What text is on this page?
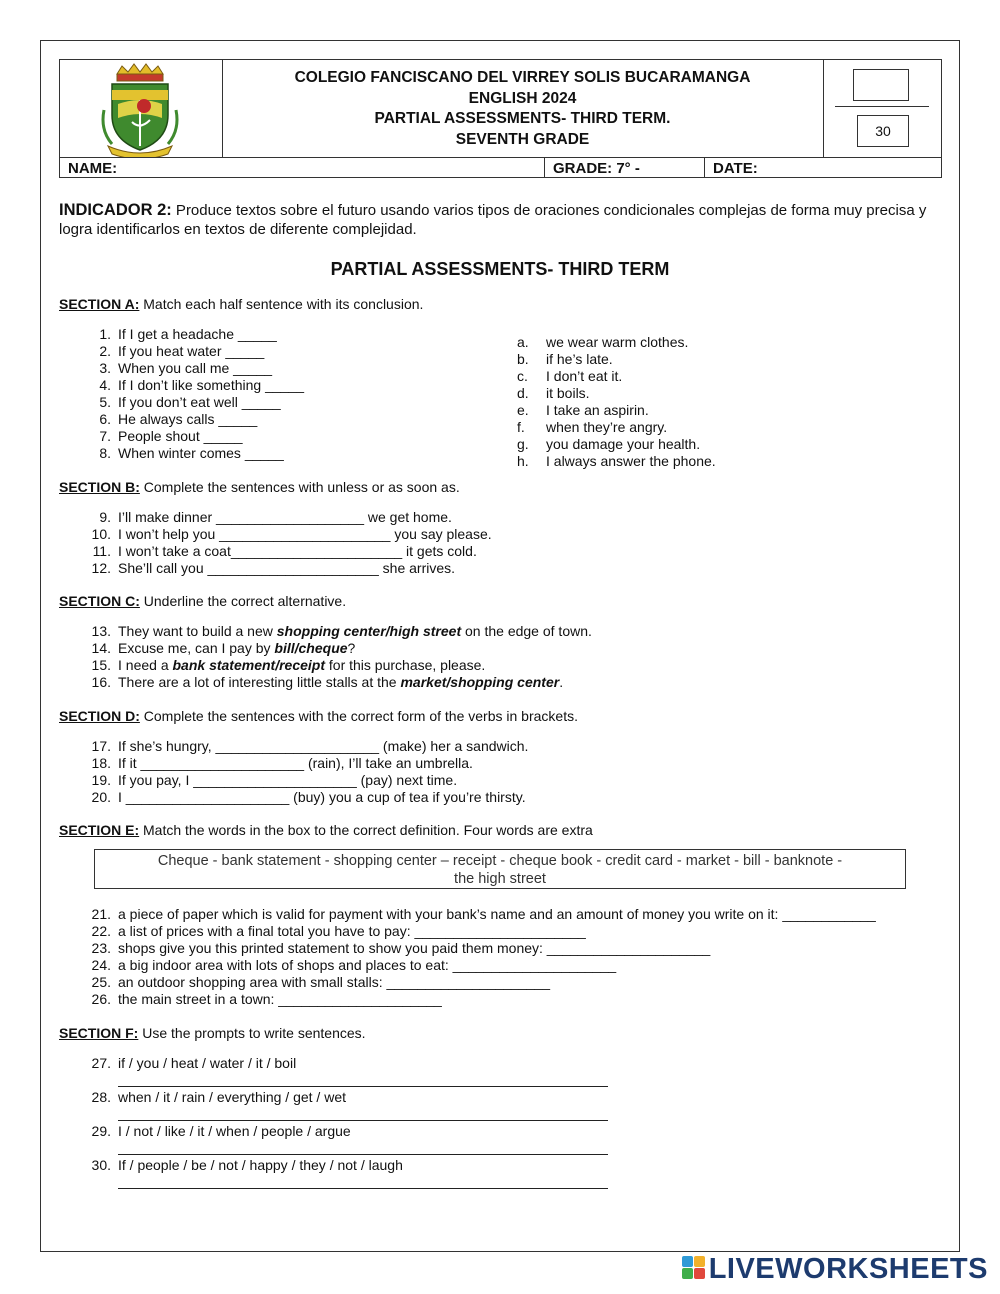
COLEGIO FANCISCANO DEL VIRREY SOLIS BUCARAMANGA
ENGLISH 2024
PARTIAL ASSESSMENTS- THIRD TERM.
SEVENTH GRADE	30
NAME:	GRADE: 7° -	DATE:
INDICADOR 2: Produce textos sobre el futuro usando varios tipos de oraciones condicionales complejas de forma muy precisa y logra identificarlos en textos de diferente complejidad.
PARTIAL ASSESSMENTS- THIRD TERM
SECTION A: Match each half sentence with its conclusion.
1. If I get a headache _____
2. If you heat water _____
3. When you call me _____
4. If I don’t like something _____
5. If you don’t eat well _____
6. He always calls _____
7. People shout _____
8. When winter comes _____
a. we wear warm clothes.
b. if he’s late.
c. I don’t eat it.
d. it boils.
e. I take an aspirin.
f. when they’re angry.
g. you damage your health.
h. I always answer the phone.
SECTION B: Complete the sentences with unless or as soon as.
9. I’ll make dinner ___________________ we get home.
10. I won’t help you ______________________ you say please.
11. I won’t take a coat______________________ it gets cold.
12. She’ll call you ______________________ she arrives.
SECTION C: Underline the correct alternative.
13. They want to build a new shopping center/high street on the edge of town.
14. Excuse me, can I pay by bill/cheque?
15. I need a bank statement/receipt for this purchase, please.
16. There are a lot of interesting little stalls at the market/shopping center.
SECTION D: Complete the sentences with the correct form of the verbs in brackets.
17. If she’s hungry, _____________________ (make) her a sandwich.
18. If it _____________________ (rain), I’ll take an umbrella.
19. If you pay, I _____________________ (pay) next time.
20. I _____________________ (buy) you a cup of tea if you’re thirsty.
SECTION E: Match the words in the box to the correct definition. Four words are extra
Cheque - bank statement - shopping center – receipt - cheque book - credit card - market - bill - banknote -
the high street
21. a piece of paper which is valid for payment with your bank’s name and an amount of money you write on it: ____________
22. a list of prices with a final total you have to pay: ______________________
23. shops give you this printed statement to show you paid them money: _____________________
24. a big indoor area with lots of shops and places to eat: _____________________
25. an outdoor shopping area with small stalls: _____________________
26. the main street in a town: _____________________
SECTION F: Use the prompts to write sentences.
27. if / you / heat / water / it / boil
28. when / it / rain / everything / get / wet
29. I / not / like / it / when / people / argue
30. If / people / be / not / happy / they / not / laugh
LIVEWORKSHEETS
